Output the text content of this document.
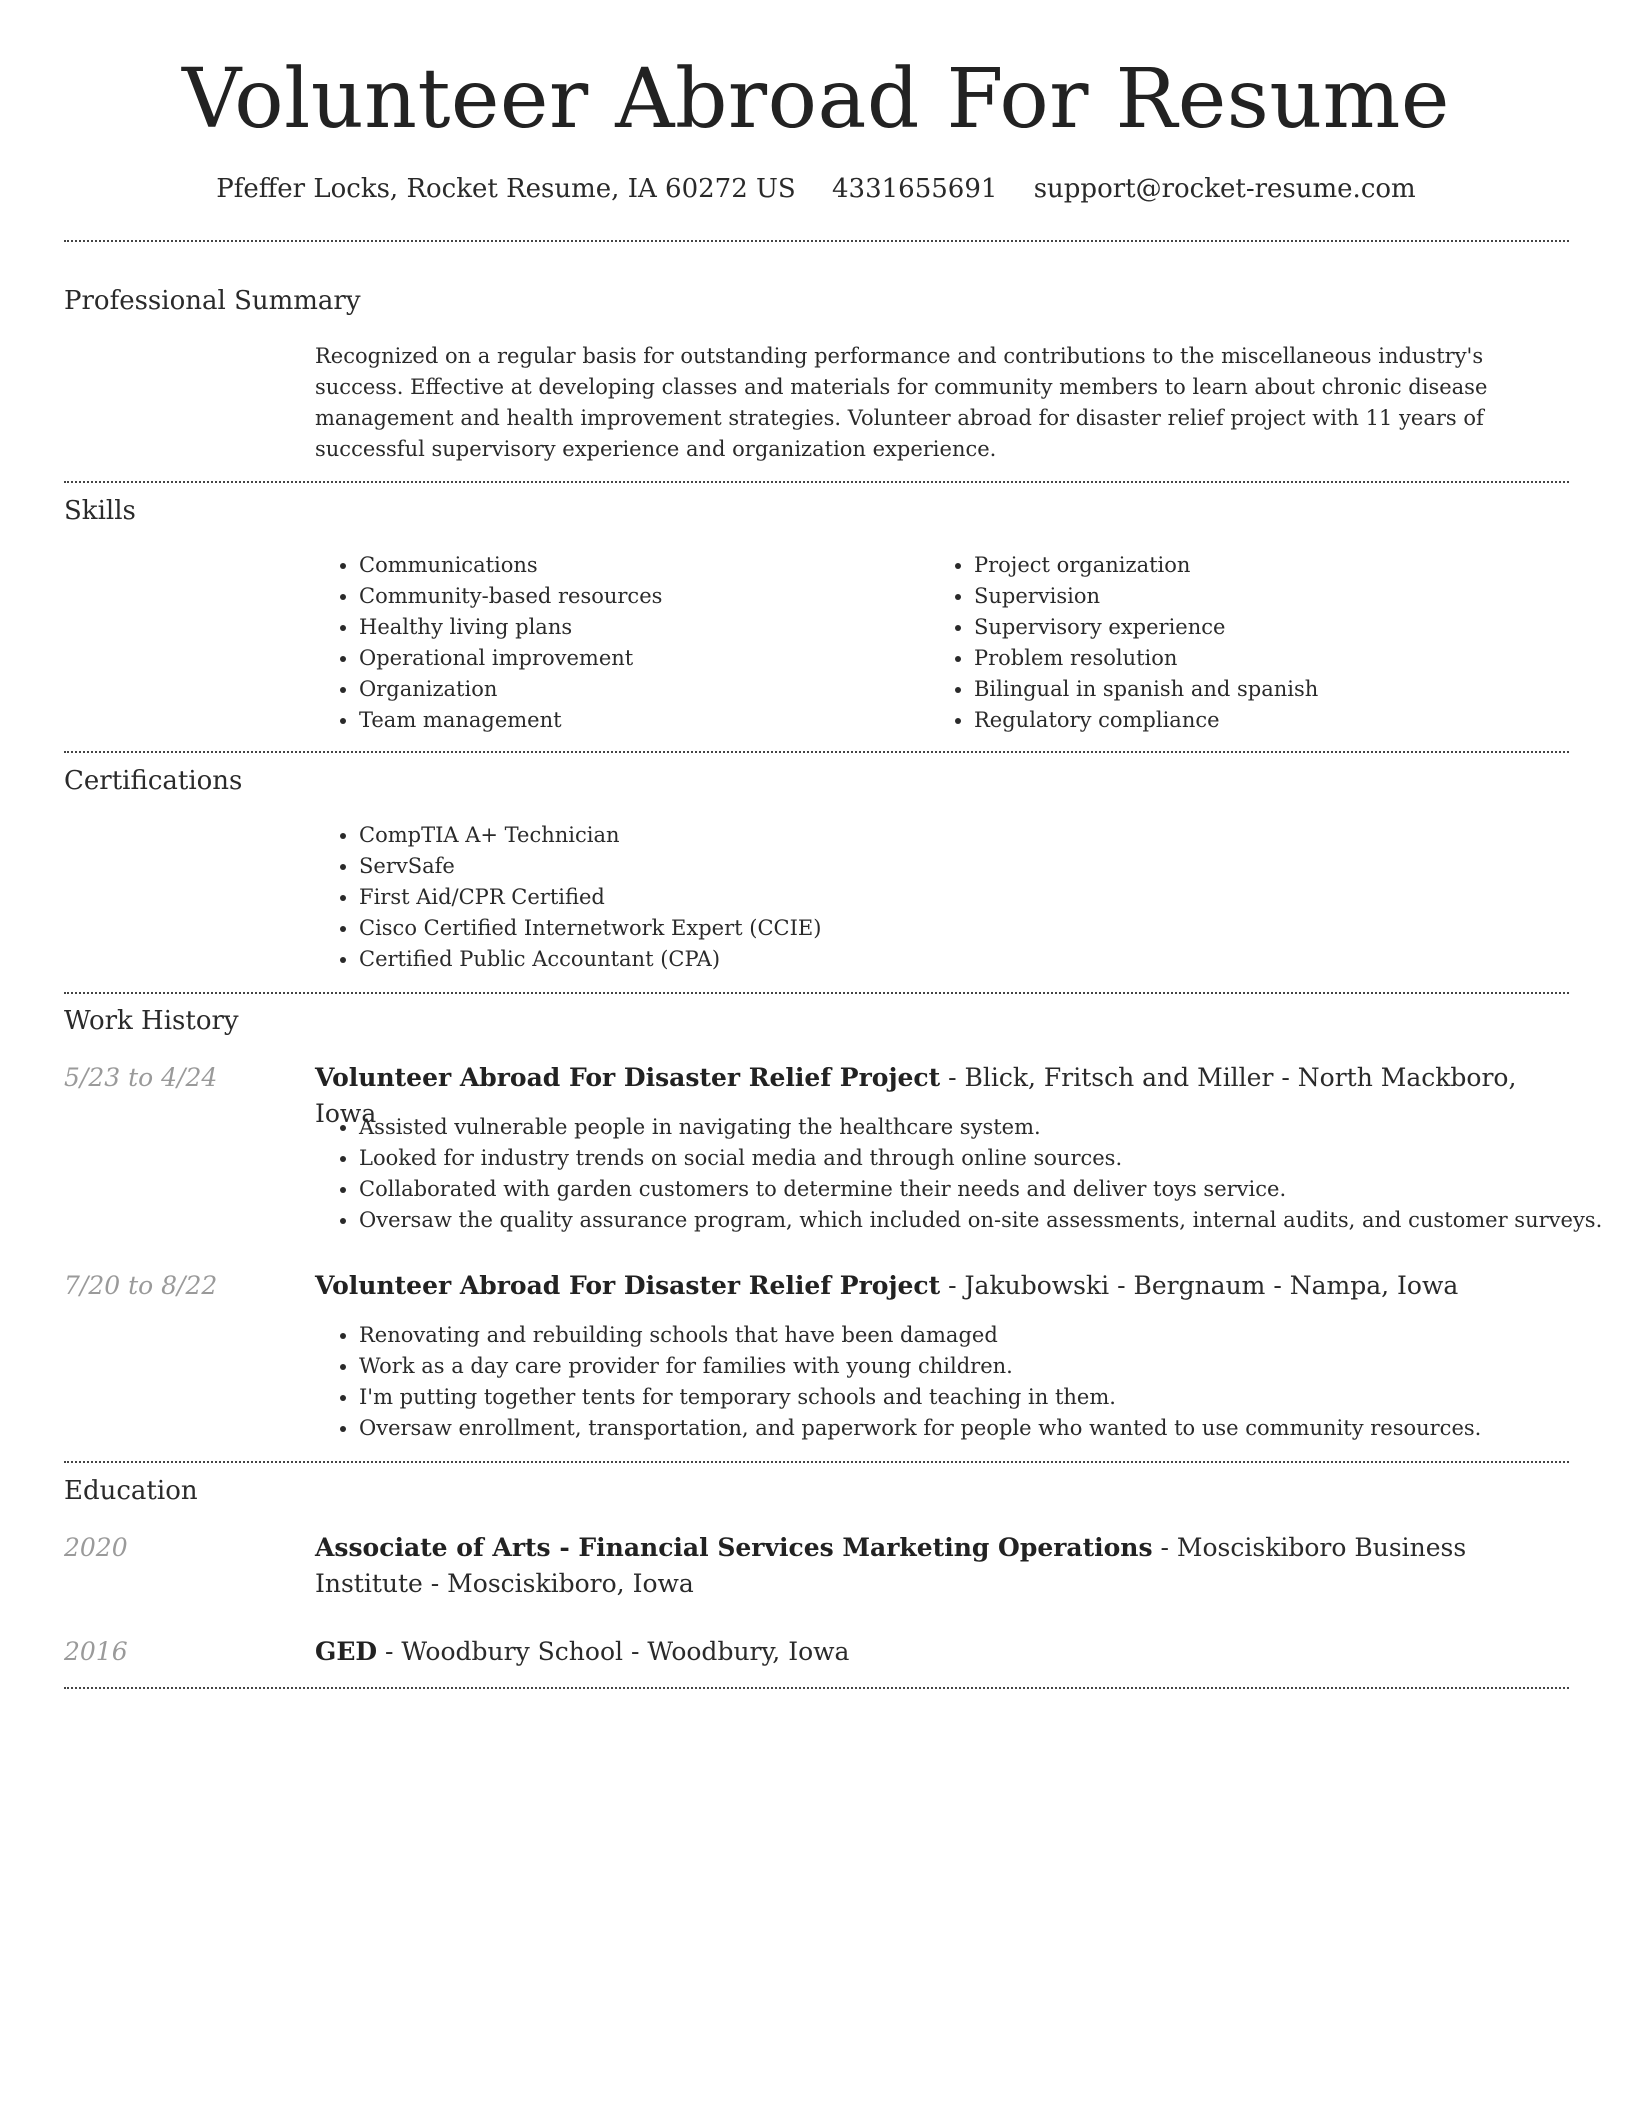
Volunteer Abroad For Resume
Pfeffer Locks, Rocket Resume, IA 60272 US 4331655691 support@rocket-resume.com
Professional Summary

Recognized on a regular basis for outstanding performance and contributions to the miscellaneous industry's success. Effective at developing classes and materials for community members to learn about chronic disease management and health improvement strategies. Volunteer abroad for disaster relief project with 11 years of successful supervisory experience and organization experience.

Skills
• Communications
• Community-based resources
• Healthy living plans
• Operational improvement
• Organization
• Team management
• Project organization
• Supervision
• Supervisory experience
• Problem resolution
• Bilingual in spanish and spanish
• Regulatory compliance
Certifications
• CompTIA A+ Technician
• ServSafe
• First Aid/CPR Certified
• Cisco Certified Internetwork Expert (CCIE)
• Certified Public Accountant (CPA)
Work History
5/23 to 4/24	Volunteer Abroad For Disaster Relief Project - Blick, Fritsch and Miller - North Mackboro, Iowa
• Assisted vulnerable people in navigating the healthcare system.
• Looked for industry trends on social media and through online sources.
• Collaborated with garden customers to determine their needs and deliver toys service.
• Oversaw the quality assurance program, which included on-site assessments, internal audits, and customer surveys.
7/20 to 8/22	Volunteer Abroad For Disaster Relief Project - Jakubowski - Bergnaum - Nampa, Iowa
• Renovating and rebuilding schools that have been damaged
• Work as a day care provider for families with young children.
• I'm putting together tents for temporary schools and teaching in them.
• Oversaw enrollment, transportation, and paperwork for people who wanted to use community resources.
Education
2020	Associate of Arts - Financial Services Marketing Operations - Mosciskiboro Business Institute - Mosciskiboro, Iowa
2016	GED - Woodbury School - Woodbury, Iowa
